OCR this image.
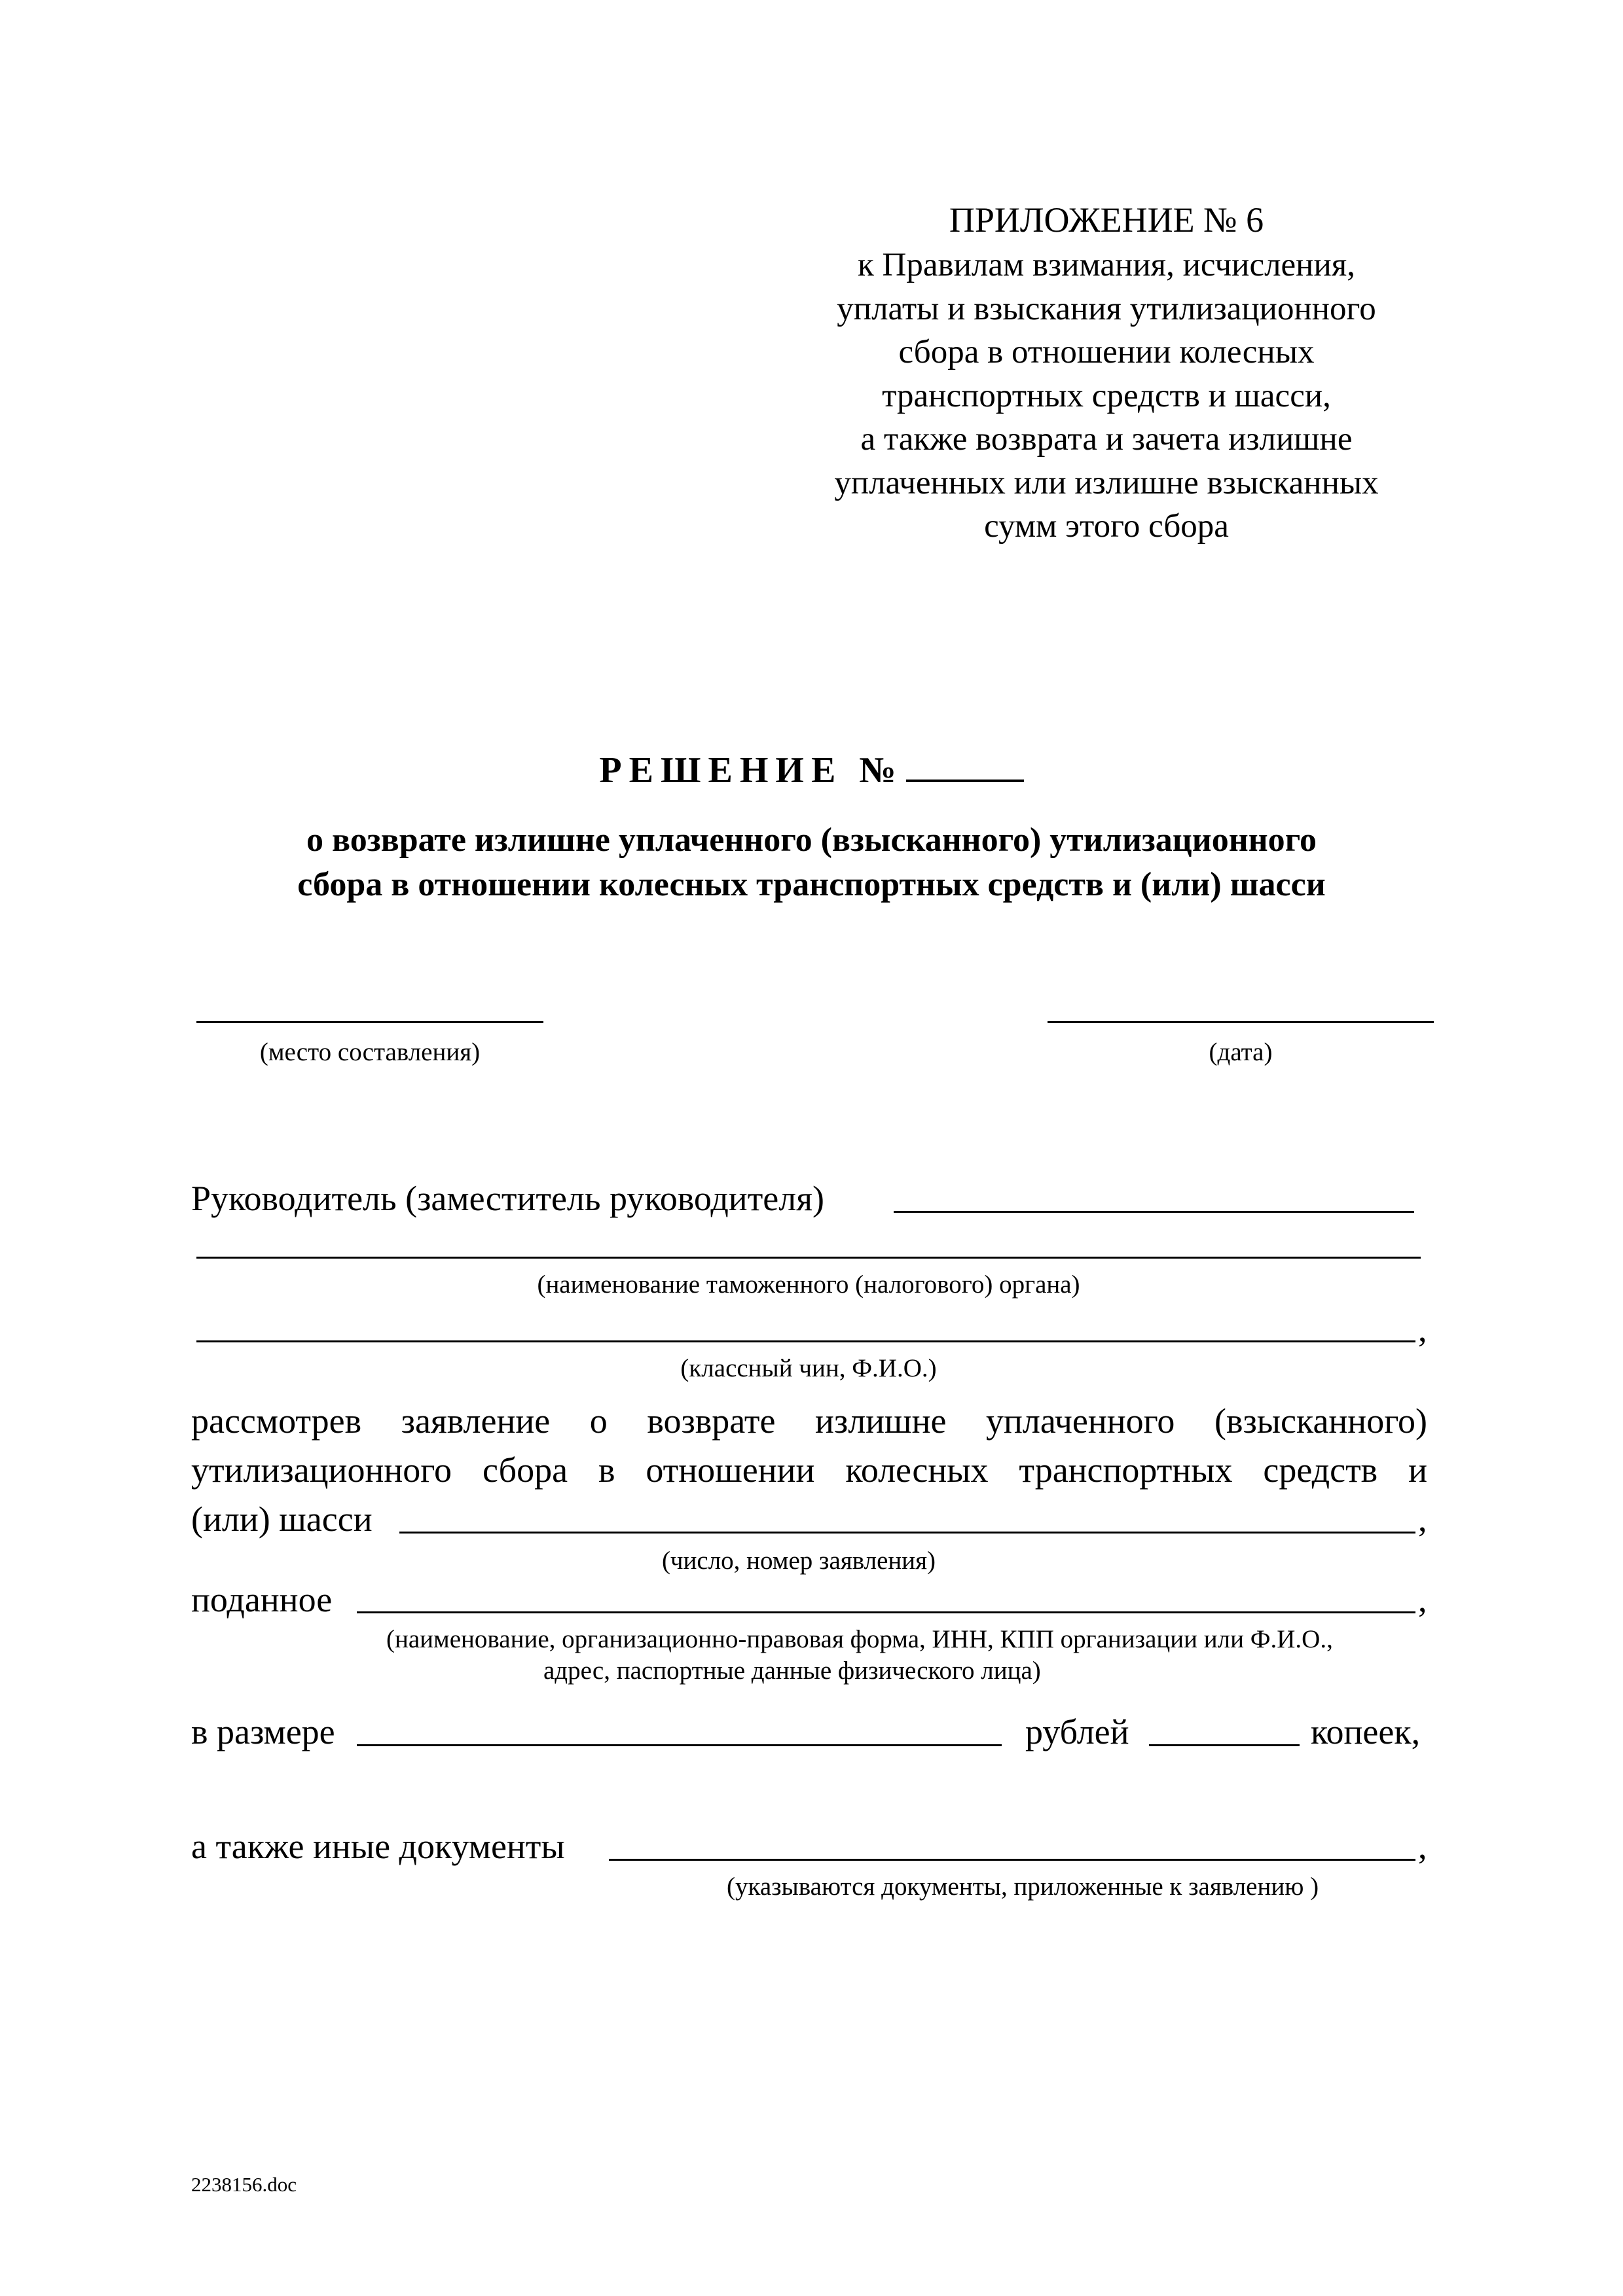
ПРИЛОЖЕНИЕ № 6
к Правилам взимания, исчисления,
уплаты и взыскания утилизационного
сбора в отношении колесных
транспортных средств и шасси,
а также возврата и зачета излишне
уплаченных или излишне взысканных
сумм этого сбора
РЕШЕНИЕ №
о возврате излишне уплаченного (взысканного) утилизационного
сбора в отношении колесных транспортных средств и (или) шасси
(место составления)	(дата)
Руководитель (заместитель руководителя)
(наименование таможенного (налогового) органа)
,
(классный чин, Ф.И.О.)
рассмотрев заявление о возврате излишне уплаченного (взысканного)
утилизационного сбора в отношении колесных транспортных средств и
(или) шасси	,
(число, номер заявления)
поданное	,
(наименование, организационно-правовая форма, ИНН, КПП организации или Ф.И.О.,
адрес, паспортные данные физического лица)
в размере	рублей	копеек,
а также иные документы	,
(указываются документы, приложенные к заявлению )
2238156.doc
